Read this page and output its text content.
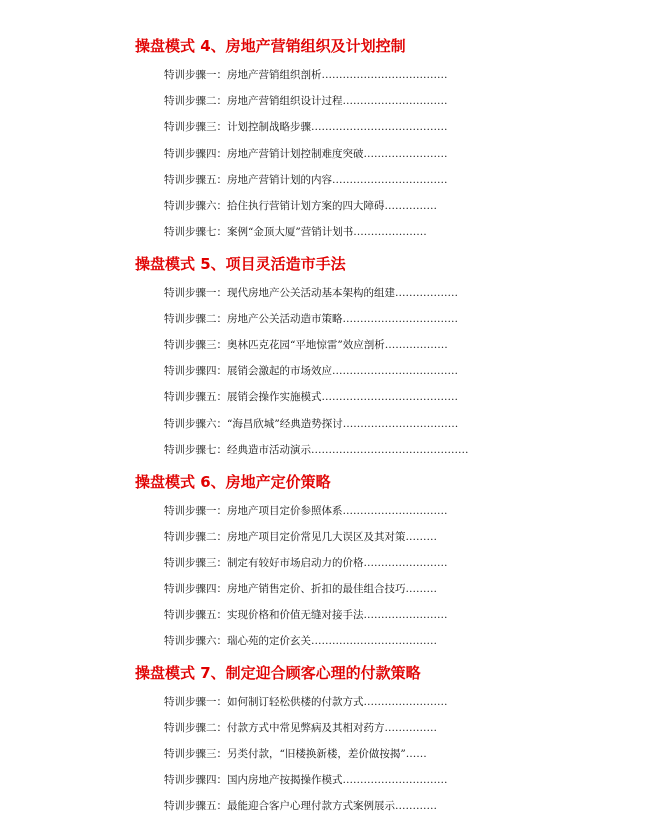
操盘模式 4、房地产营销组织及计划控制
特训步骤一：房地产营销组织剖析………………………………
特训步骤二：房地产营销组织设计过程…………………………
特训步骤三：计划控制战略步骤…………………………………
特训步骤四：房地产营销计划控制难度突破……………………
特训步骤五：房地产营销计划的内容……………………………
特训步骤六：拾住执行营销计划方案的四大障碍……………
特训步骤七：案例“金顶大厦”营销计划书…………………
操盘模式 5、项目灵活造市手法
特训步骤一：现代房地产公关活动基本架构的组建………………
特训步骤二：房地产公关活动造市策略……………………………
特训步骤三：奥林匹克花园“平地惊雷”效应剖析………………
特训步骤四：展销会激起的市场效应………………………………
特训步骤五：展销会操作实施模式…………………………………
特训步骤六：“海昌欣城”经典造势探讨……………………………
特训步骤七：经典造市活动演示………………………………………
操盘模式 6、房地产定价策略
特训步骤一：房地产项目定价参照体系…………………………
特训步骤二：房地产项目定价常见几大误区及其对策………
特训步骤三：制定有较好市场启动力的价格……………………
特训步骤四：房地产销售定价、折扣的最佳组合技巧………
特训步骤五：实现价格和价值无缝对接手法……………………
特训步骤六：瑞心苑的定价玄关………………………………
操盘模式 7、制定迎合顾客心理的付款策略
特训步骤一：如何制订轻松供楼的付款方式……………………
特训步骤二：付款方式中常见弊病及其相对药方……………
特训步骤三：另类付款，“旧楼换新楼，差价做按揭”……
特训步骤四：国内房地产按揭操作模式…………………………
特训步骤五：最能迎合客户心理付款方式案例展示…………
